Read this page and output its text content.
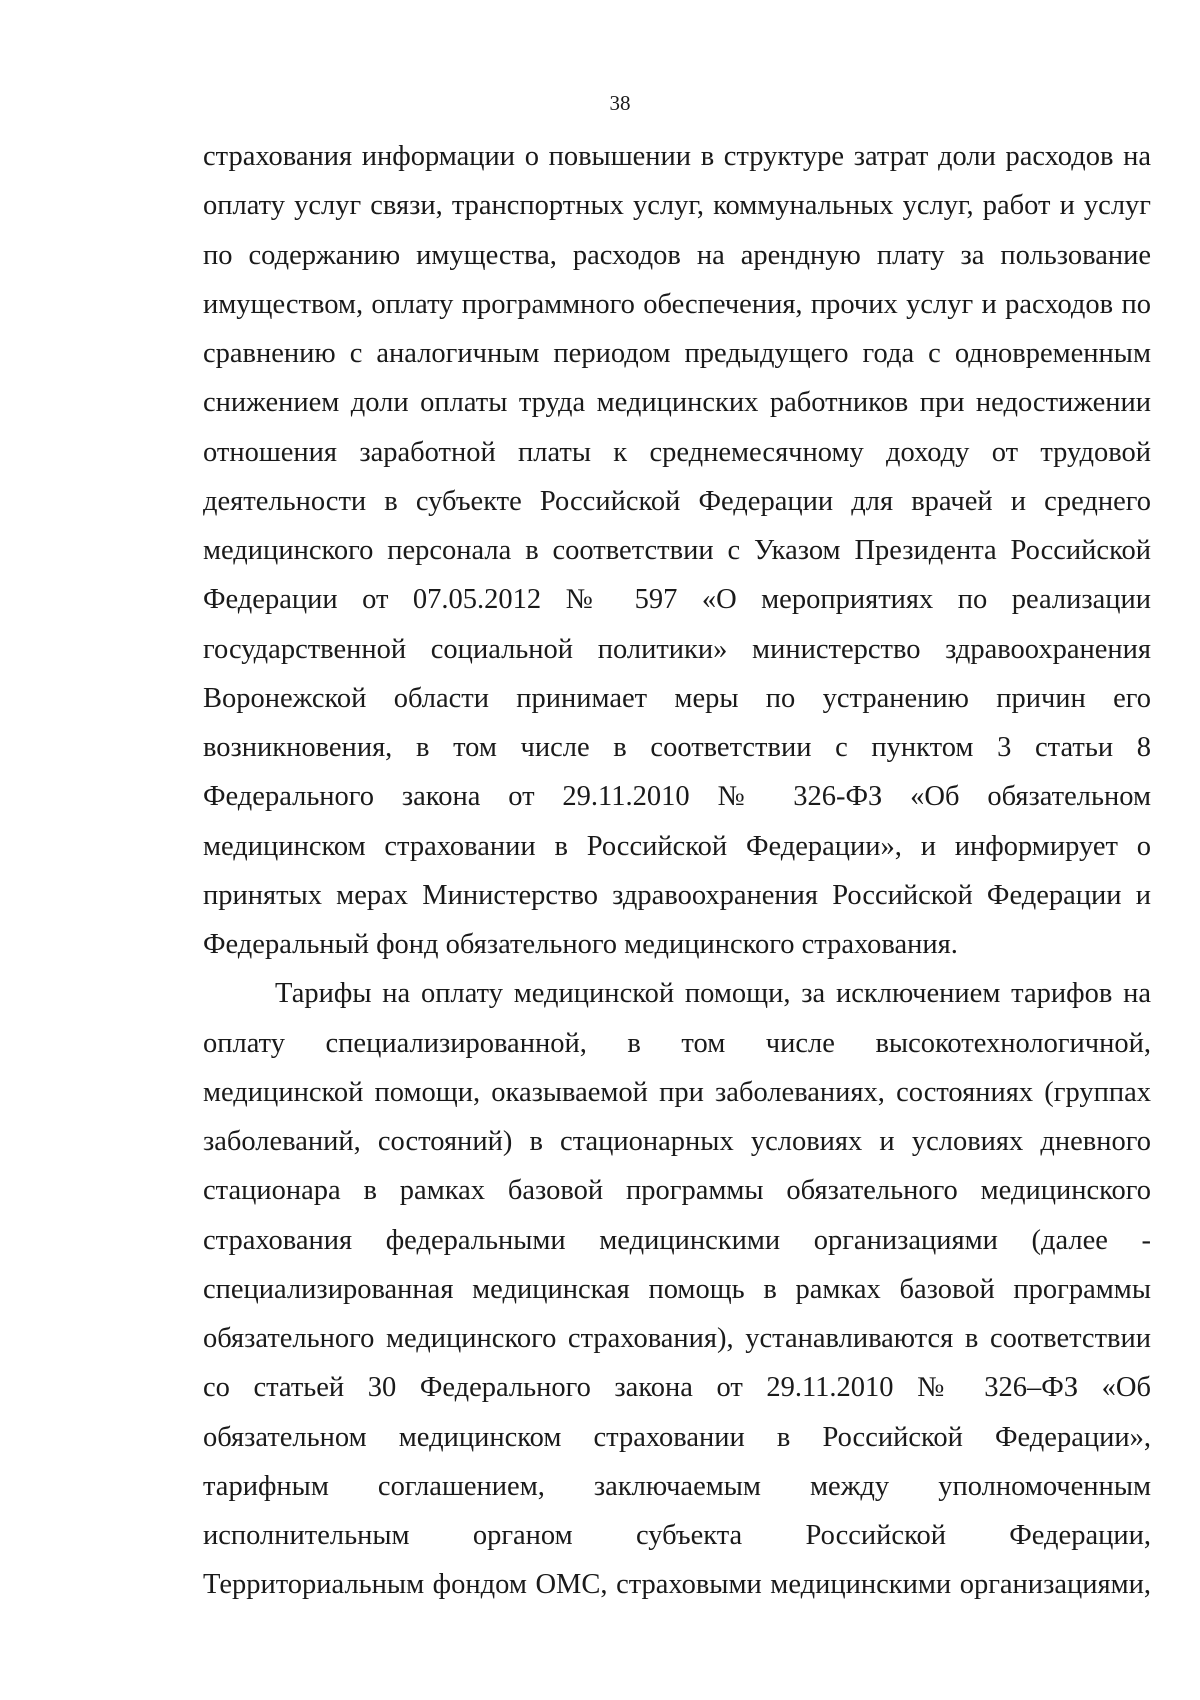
38
страхования информации о повышении в структуре затрат доли расходов на
оплату услуг связи, транспортных услуг, коммунальных услуг, работ и услуг
по содержанию имущества, расходов на арендную плату за пользование
имуществом, оплату программного обеспечения, прочих услуг и расходов по
сравнению с аналогичным периодом предыдущего года с одновременным
снижением доли оплаты труда медицинских работников при недостижении
отношения заработной платы к среднемесячному доходу от трудовой
деятельности в субъекте Российской Федерации для врачей и среднего
медицинского персонала в соответствии с Указом Президента Российской
Федерации от 07.05.2012 № 597 «О мероприятиях по реализации
государственной социальной политики» министерство здравоохранения
Воронежской области принимает меры по устранению причин его
возникновения, в том числе в соответствии с пунктом 3 статьи 8
Федерального закона от 29.11.2010 № 326-ФЗ «Об обязательном
медицинском страховании в Российской Федерации», и информирует о
принятых мерах Министерство здравоохранения Российской Федерации и
Федеральный фонд обязательного медицинского страхования.
Тарифы на оплату медицинской помощи, за исключением тарифов на
оплату специализированной, в том числе высокотехнологичной,
медицинской помощи, оказываемой при заболеваниях, состояниях (группах
заболеваний, состояний) в стационарных условиях и условиях дневного
стационара в рамках базовой программы обязательного медицинского
страхования федеральными медицинскими организациями (далее -
специализированная медицинская помощь в рамках базовой программы
обязательного медицинского страхования), устанавливаются в соответствии
со статьей 30 Федерального закона от 29.11.2010 № 326–ФЗ «Об
обязательном медицинском страховании в Российской Федерации»,
тарифным соглашением, заключаемым между уполномоченным
исполнительным органом субъекта Российской Федерации,
Территориальным фондом ОМС, страховыми медицинскими организациями,
